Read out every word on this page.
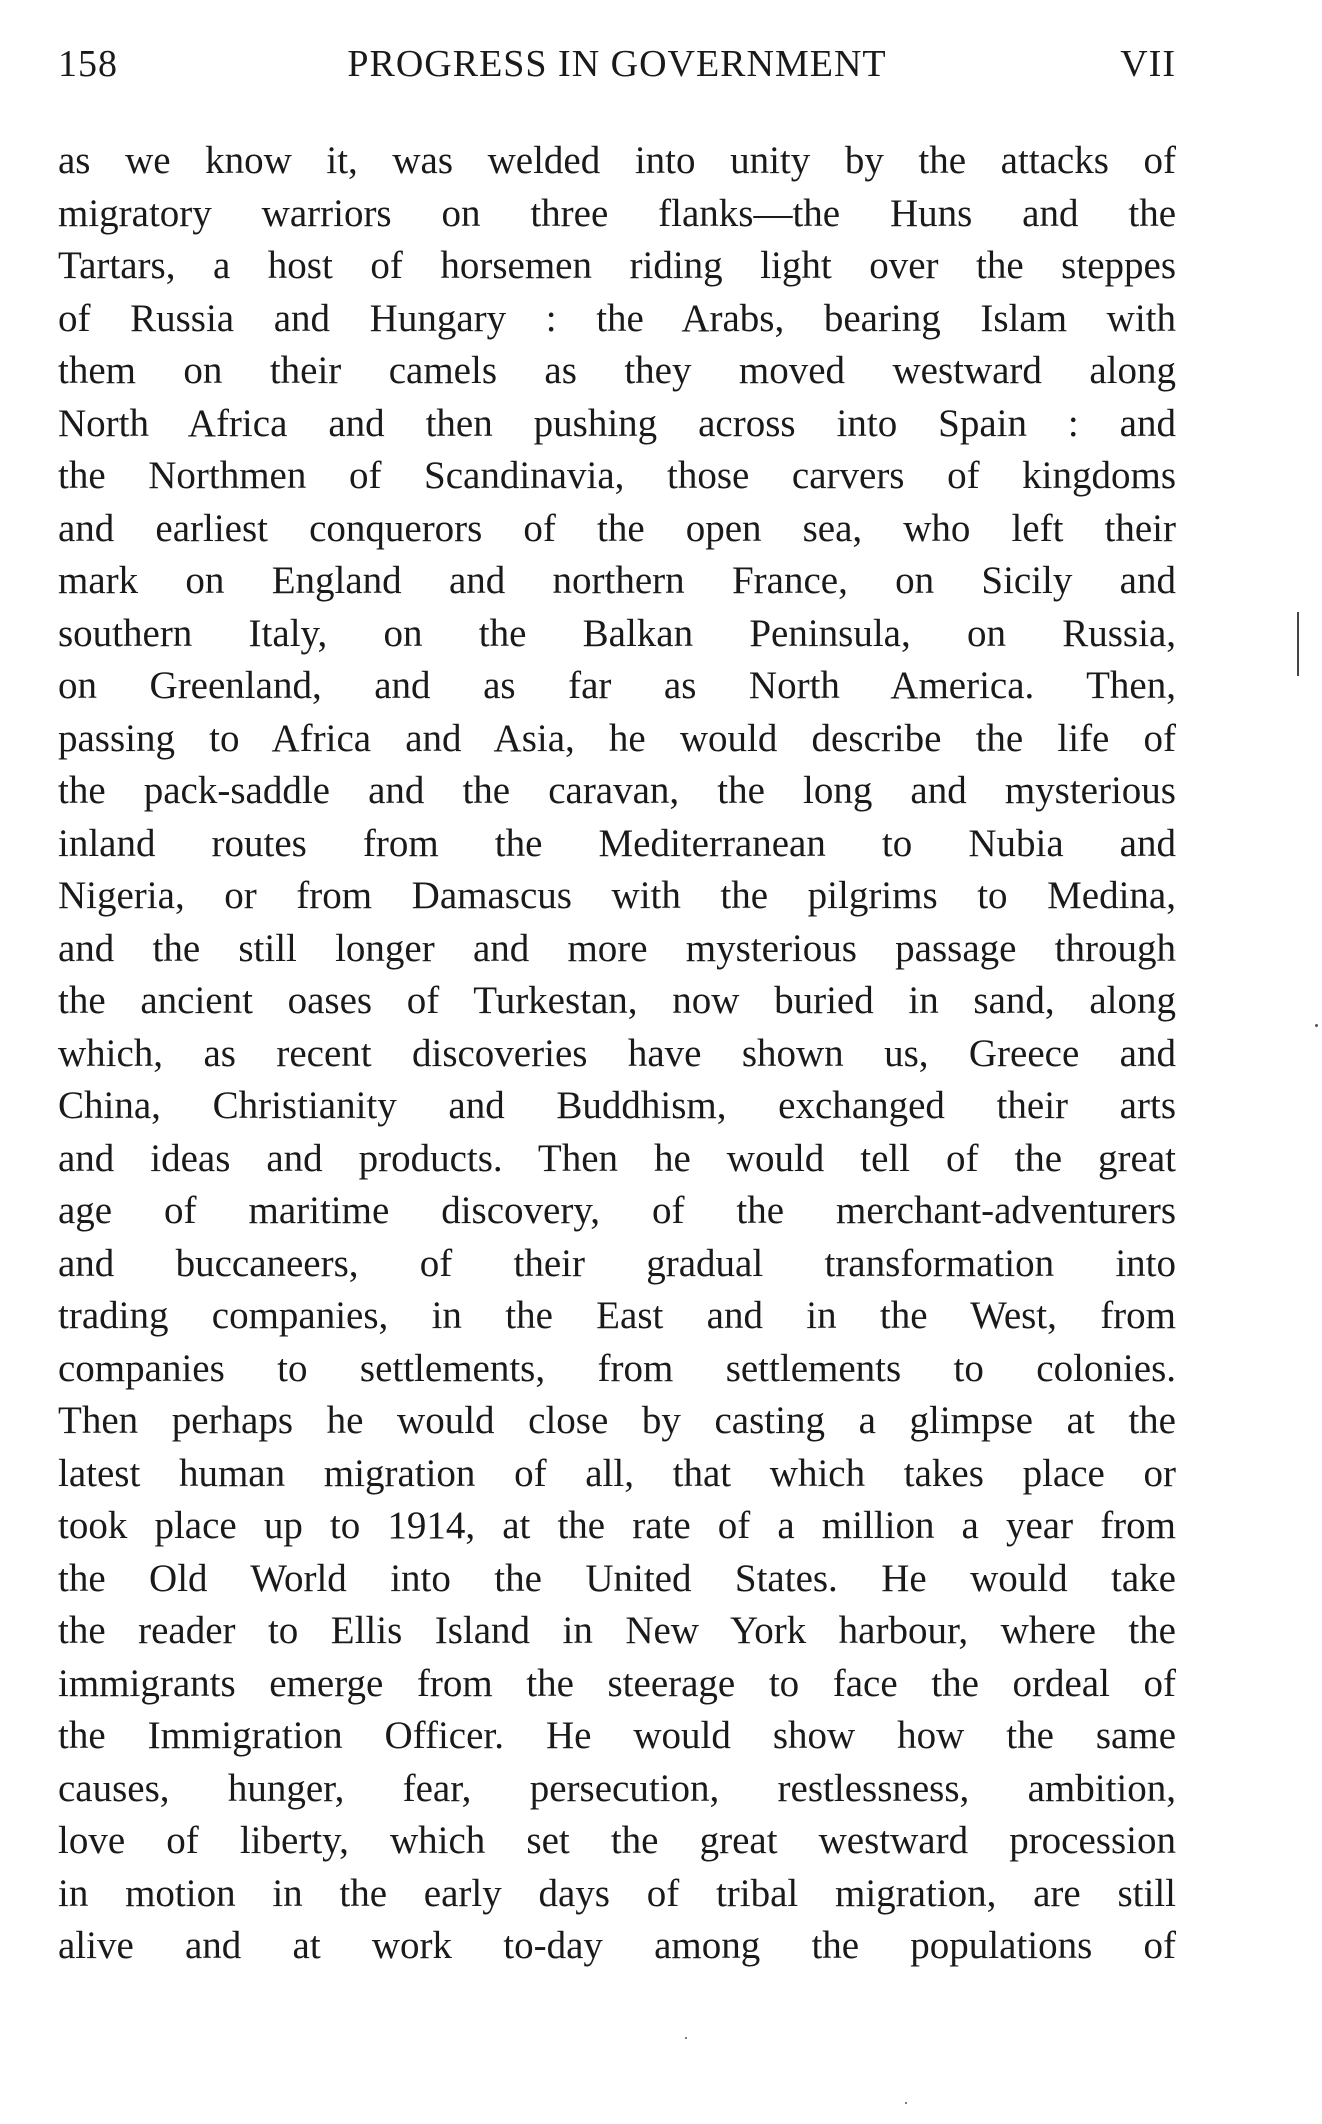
PROGRESS IN GOVERNMENT
158	VII
as we know it, was welded into unity by the attacks of
migratory warriors on three flanks—the Huns and the
Tartars, a host of horsemen riding light over the steppes
of Russia and Hungary : the Arabs, bearing Islam with
them on their camels as they moved westward along
North Africa and then pushing across into Spain : and
the Northmen of Scandinavia, those carvers of kingdoms
and earliest conquerors of the open sea, who left their
mark on England and northern France, on Sicily and
southern Italy, on the Balkan Peninsula, on Russia,
on Greenland, and as far as North America. Then,
passing to Africa and Asia, he would describe the life of
the pack-saddle and the caravan, the long and mysterious
inland routes from the Mediterranean to Nubia and
Nigeria, or from Damascus with the pilgrims to Medina,
and the still longer and more mysterious passage through
the ancient oases of Turkestan, now buried in sand, along
which, as recent discoveries have shown us, Greece and
China, Christianity and Buddhism, exchanged their arts
and ideas and products. Then he would tell of the great
age of maritime discovery, of the merchant-adventurers
and buccaneers, of their gradual transformation into
trading companies, in the East and in the West, from
companies to settlements, from settlements to colonies.
Then perhaps he would close by casting a glimpse at the
latest human migration of all, that which takes place or
took place up to 1914, at the rate of a million a year from
the Old World into the United States. He would take
the reader to Ellis Island in New York harbour, where the
immigrants emerge from the steerage to face the ordeal of
the Immigration Officer. He would show how the same
causes, hunger, fear, persecution, restlessness, ambition,
love of liberty, which set the great westward procession
in motion in the early days of tribal migration, are still
alive and at work to-day among the populations of
